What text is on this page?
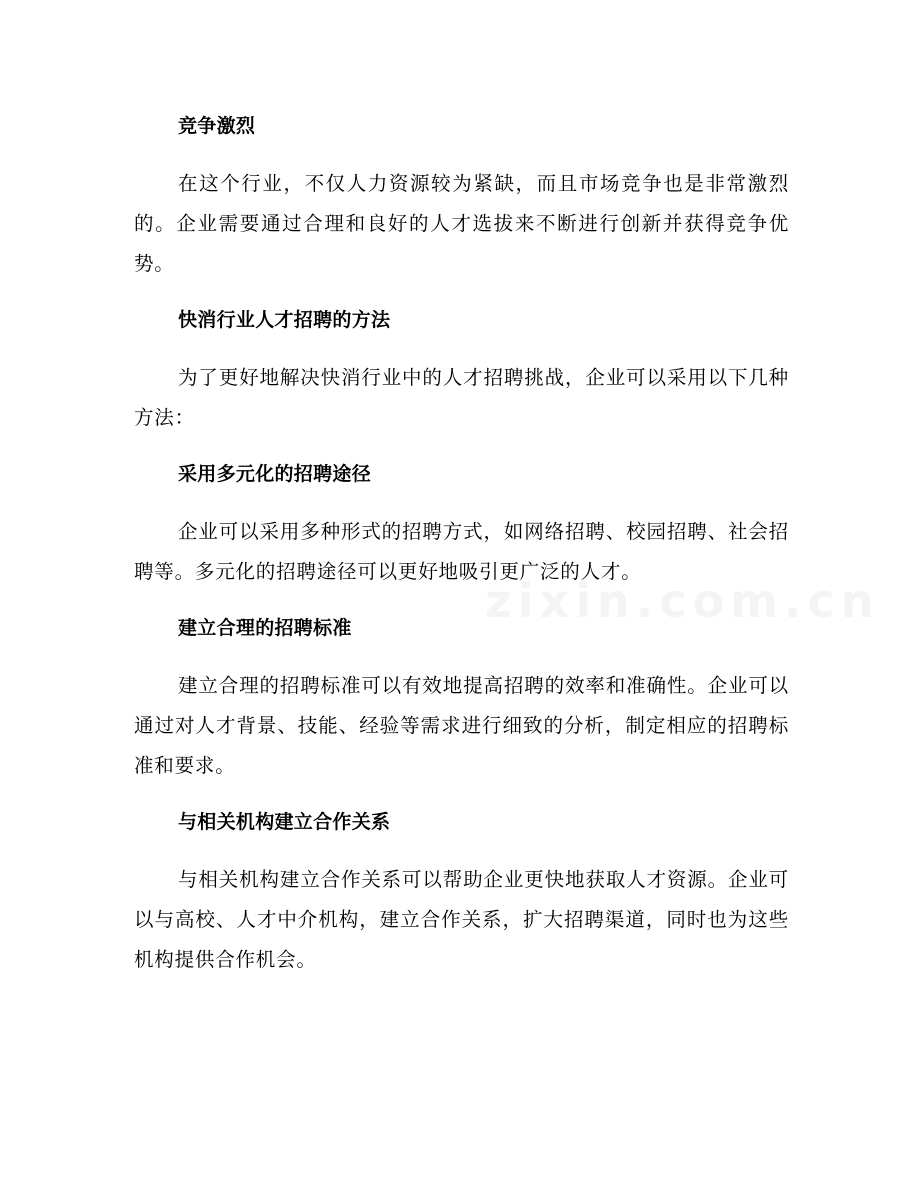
竞争激烈
在这个行业，不仅人力资源较为紧缺，而且市场竞争也是非常激烈的。企业需要通过合理和良好的人才选拔来不断进行创新并获得竞争优势。
快消行业人才招聘的方法
为了更好地解决快消行业中的人才招聘挑战，企业可以采用以下几种方法：
采用多元化的招聘途径
企业可以采用多种形式的招聘方式，如网络招聘、校园招聘、社会招聘等。多元化的招聘途径可以更好地吸引更广泛的人才。
建立合理的招聘标准
建立合理的招聘标准可以有效地提高招聘的效率和准确性。企业可以通过对人才背景、技能、经验等需求进行细致的分析，制定相应的招聘标准和要求。
与相关机构建立合作关系
与相关机构建立合作关系可以帮助企业更快地获取人才资源。企业可以与高校、人才中介机构，建立合作关系，扩大招聘渠道，同时也为这些机构提供合作机会。
